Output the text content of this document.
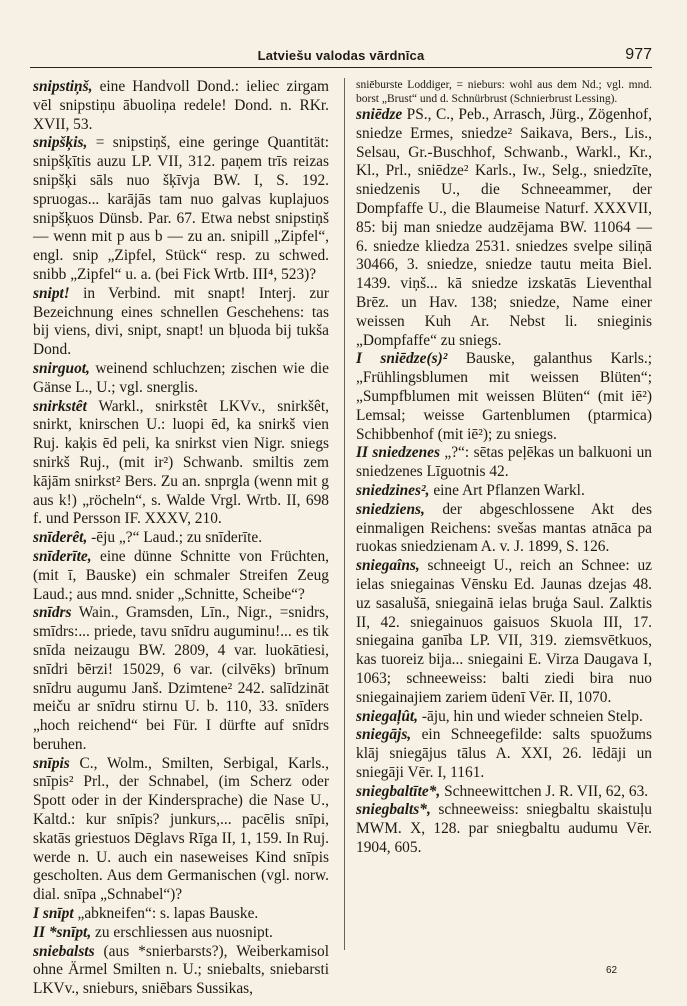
Latviešu valodas vārdnīca	977

snipstiņš, eine Handvoll Dond.: ieliec zirgam vēl snipstiņu ābuoliņa redele! Dond. n. RKr. XVII, 53.

snipšķis, = snipstiņš, eine geringe Quantität: snipšķītis auzu LP. VII, 312. paņem trīs reizas snipšķi sāls nuo šķīvja BW. I, S. 192. spruogas... karājās tam nuo galvas kuplajuos snipšķuos Dünsb. Par. 67. Etwa nebst snipstiņš — wenn mit p aus b — zu an. snipill „Zipfel“, engl. snip „Zipfel, Stück“ resp. zu schwed. snibb „Zipfel“ u. a. (bei Fick Wrtb. III⁴, 523)?

snipt! in Verbind. mit snapt! Interj. zur Bezeichnung eines schnellen Geschehens: tas bij viens, divi, snipt, snapt! un bļuoda bij tukša Dond.

snirguot, weinend schluchzen; zischen wie die Gänse L., U.; vgl. snerglis.

snirkstêt Warkl., snirkstêt LKVv., snirkšêt, snirkt, knirschen U.: luopi ēd, ka snirkš vien Ruj. kaķis ēd peli, ka snirkst vien Nigr. sniegs snirkš Ruj., (mit ir²) Schwanb. smiltis zem kājām snirkst² Bers. Zu an. snprgla (wenn mit g aus k!) „röcheln“, s. Walde Vrgl. Wrtb. II, 698 f. und Persson IF. XXXV, 210.

snīderêt, -ēju „?“ Laud.; zu snīderīte.

snīderīte, eine dünne Schnitte von Früchten, (mit ī, Bauske) ein schmaler Streifen Zeug Laud.; aus mnd. snider „Schnitte, Scheibe“?

snīdrs Wain., Gramsden, Līn., Nigr., =snidrs, smīdrs:... priede, tavu snīdru auguminu!... es tik snīda neizaugu BW. 2809, 4 var. luokātiesi, snīdri bērzi! 15029, 6 var. (cilvēks) brīnum snīdru augumu Janš. Dzimtene² 242. salīdzināt meiču ar snīdru stirnu U. b. 110, 33. snīders „hoch reichend“ bei Für. I dürfte auf snīdrs beruhen.

snīpis C., Wolm., Smilten, Serbigal, Karls., snīpis² Prl., der Schnabel, (im Scherz oder Spott oder in der Kindersprache) die Nase U., Kaltd.: kur snīpis? junkurs,... pacēlis snīpi, skatās griestuos Dēglavs Rīga II, 1, 159. In Ruj. werde n. U. auch ein naseweises Kind snīpis gescholten. Aus dem Germanischen (vgl. norw. dial. snīpa „Schnabel“)?

I snīpt „abkneifen“: s. lapas Bauske.

II *snīpt, zu erschliessen aus nuosnipt.

sniebalsts (aus *snierbarsts?), Weiberkamisol ohne Ärmel Smilten n. U.; sniebalts, sniebarsti LKVv., snieburs, sniēbars Sussikas,

sniēburste Loddiger, = nieburs: wohl aus dem Nd.; vgl. mnd. borst „Brust“ und d. Schnürbrust (Schnierbrust Lessing).

sniēdze PS., C., Peb., Arrasch, Jürg., Zögenhof, sniedze Ermes, sniedze² Saikava, Bers., Lis., Selsau, Gr.-Buschhof, Schwanb., Warkl., Kr., Kl., Prl., sniēdze² Karls., Iw., Selg., sniedzīte, sniedzenis U., die Schneeammer, der Dompfaffe U., die Blaumeise Naturf. XXXVII, 85: bij man sniedze audzējama BW. 11064 — 6. sniedze kliedza 2531. sniedzes svelpe siliņā 30466, 3. sniedze, sniedze tautu meita Biel. 1439. viņš... kā sniedze izskatās Lieventhal Brēz. un Hav. 138; sniedze, Name einer weissen Kuh Ar. Nebst li. snieginis „Dompfaffe“ zu sniegs.

I sniēdze(s)² Bauske, galanthus Karls.; „Frühlingsblumen mit weissen Blüten“; „Sumpfblumen mit weissen Blüten“ (mit iē²) Lemsal; weisse Gartenblumen (ptarmica) Schibbenhof (mit iē²); zu sniegs.

II sniedzenes „?“: sētas peļēkas un balkuoni un sniedzenes Līguotnis 42.

sniedzines², eine Art Pflanzen Warkl.

sniedziens, der abgeschlossene Akt des einmaligen Reichens: svešas mantas atnāca pa ruokas sniedzienam A. v. J. 1899, S. 126.

sniegaîns, schneeigt U., reich an Schnee: uz ielas sniegainas Vēnsku Ed. Jaunas dzejas 48. uz sasalušā, sniegainā ielas bruģa Saul. Zalktis II, 42. sniegainuos gaisuos Skuola III, 17. sniegaina ganība LP. VII, 319. ziemsvētkuos, kas tuoreiz bija... sniegaini E. Virza Daugava I, 1063; schneeweiss: balti ziedi bira nuo sniegainajiem zariem ūdenī Vēr. II, 1070.

sniegaļût, -āju, hin und wieder schneien Stelp.

sniegājs, ein Schneegefilde: salts spuožums klāj sniegājus tālus A. XXI, 26. lēdāji un sniegāji Vēr. I, 1161.

sniegbaltīte*, Schneewittchen J. R. VII, 62, 63.

sniegbalts*, schneeweiss: sniegbaltu skaistuļu MWM. X, 128. par sniegbaltu audumu Vēr. 1904, 605.

62
